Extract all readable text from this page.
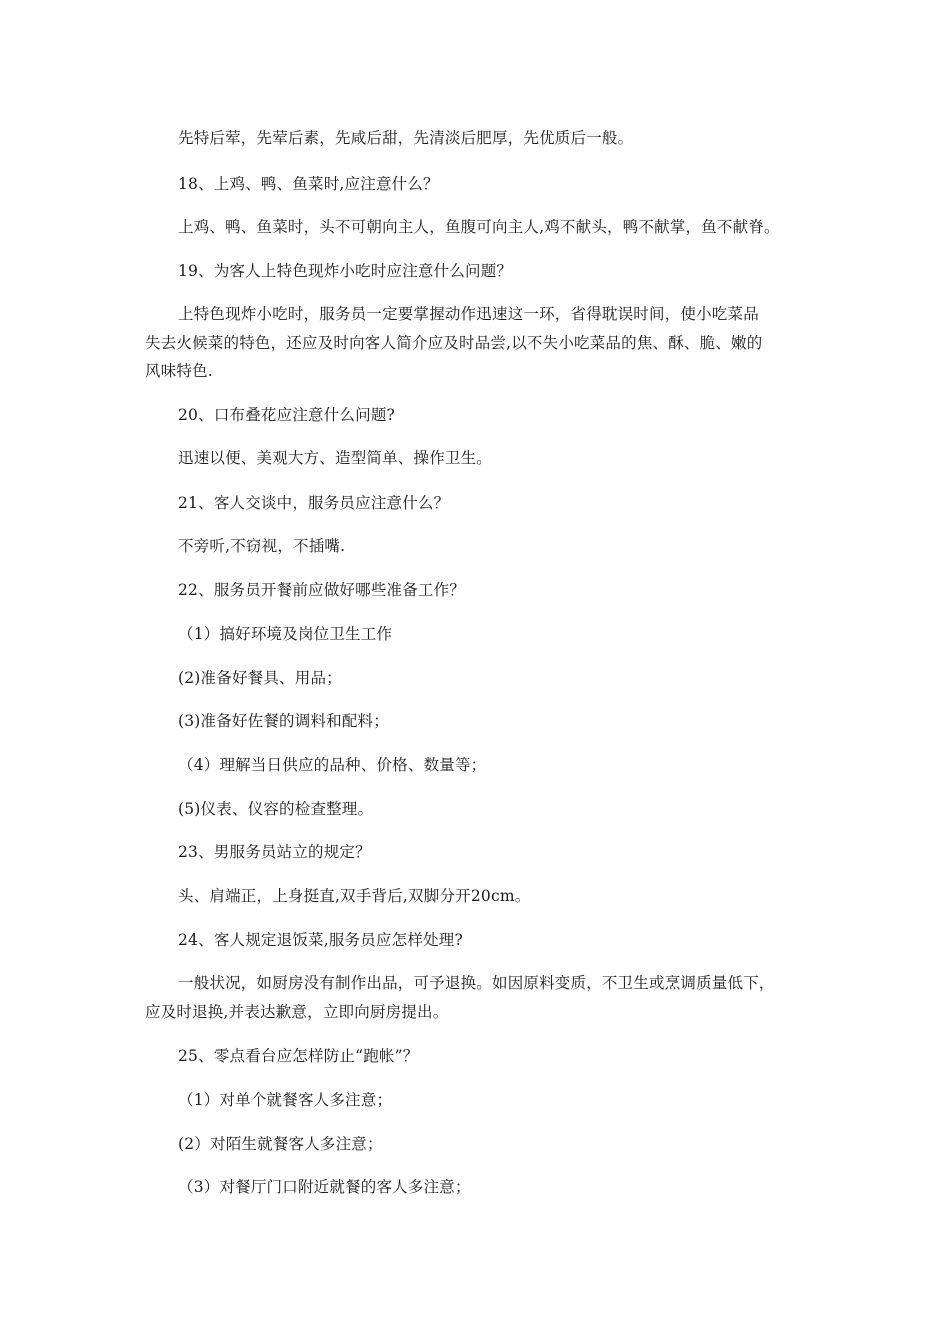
先特后荤，先荤后素，先咸后甜，先清淡后肥厚，先优质后一般。
18、上鸡、鸭、鱼菜时,应注意什么？
上鸡、鸭、鱼菜时，头不可朝向主人，鱼腹可向主人,鸡不献头，鸭不献掌，鱼不献脊。
19、为客人上特色现炸小吃时应注意什么问题？
上特色现炸小吃时，服务员一定要掌握动作迅速这一环，省得耽误时间，使小吃菜品
失去火候菜的特色，还应及时向客人简介应及时品尝,以不失小吃菜品的焦、酥、脆、嫩的
风味特色.
20、口布叠花应注意什么问题?
迅速以便、美观大方、造型简单、操作卫生。
21、客人交谈中，服务员应注意什么？
不旁听,不窃视，不插嘴.
22、服务员开餐前应做好哪些准备工作？
（1）搞好环境及岗位卫生工作
(2)准备好餐具、用品；
(3)准备好佐餐的调料和配料；
（4）理解当日供应的品种、价格、数量等；
(5)仪表、仪容的检查整理。
23、男服务员站立的规定？
头、肩端正，上身挺直,双手背后,双脚分开20cm。
24、客人规定退饭菜,服务员应怎样处理?
一般状况，如厨房没有制作出品，可予退换。如因原料变质，不卫生或烹调质量低下，
应及时退换,并表达歉意，立即向厨房提出。
25、零点看台应怎样防止“跑帐”？
（1）对单个就餐客人多注意；
(2）对陌生就餐客人多注意；
（3）对餐厅门口附近就餐的客人多注意；
